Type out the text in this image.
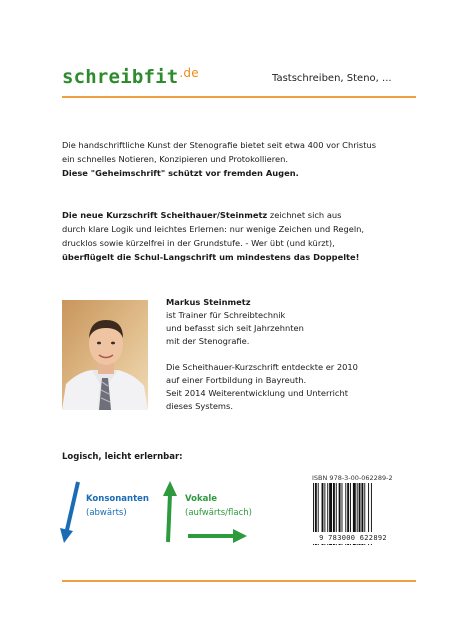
schreibfit$^{.de}$	Tastschreiben, Steno, ...
Die handschriftliche Kunst der Stenografie bietet seit etwa 400 vor Christus
ein schnelles Notieren, Konzipieren und Protokollieren.
Diese "Geheimschrift" schützt vor fremden Augen.
Die neue Kurzschrift Scheithauer/Steinmetz zeichnet sich aus
durch klare Logik und leichtes Erlernen: nur wenige Zeichen und Regeln,
drucklos sowie kürzelfrei in der Grundstufe. - Wer übt (und kürzt),
überflügelt die Schul-Langschrift um mindestens das Doppelte!
Markus Steinmetz
ist Trainer für Schreibtechnik
und befasst sich seit Jahrzehnten
mit der Stenografie.
Die Scheithauer-Kurzschrift entdeckte er 2010
auf einer Fortbildung in Bayreuth.
Seit 2014 Weiterentwicklung und Unterricht
dieses Systems.
Logisch, leicht erlernbar:
Konsonanten
(abwärts)
Vokale
(aufwärts/flach)
ISBN 978-3-00-062289-2
9 783000 622892
